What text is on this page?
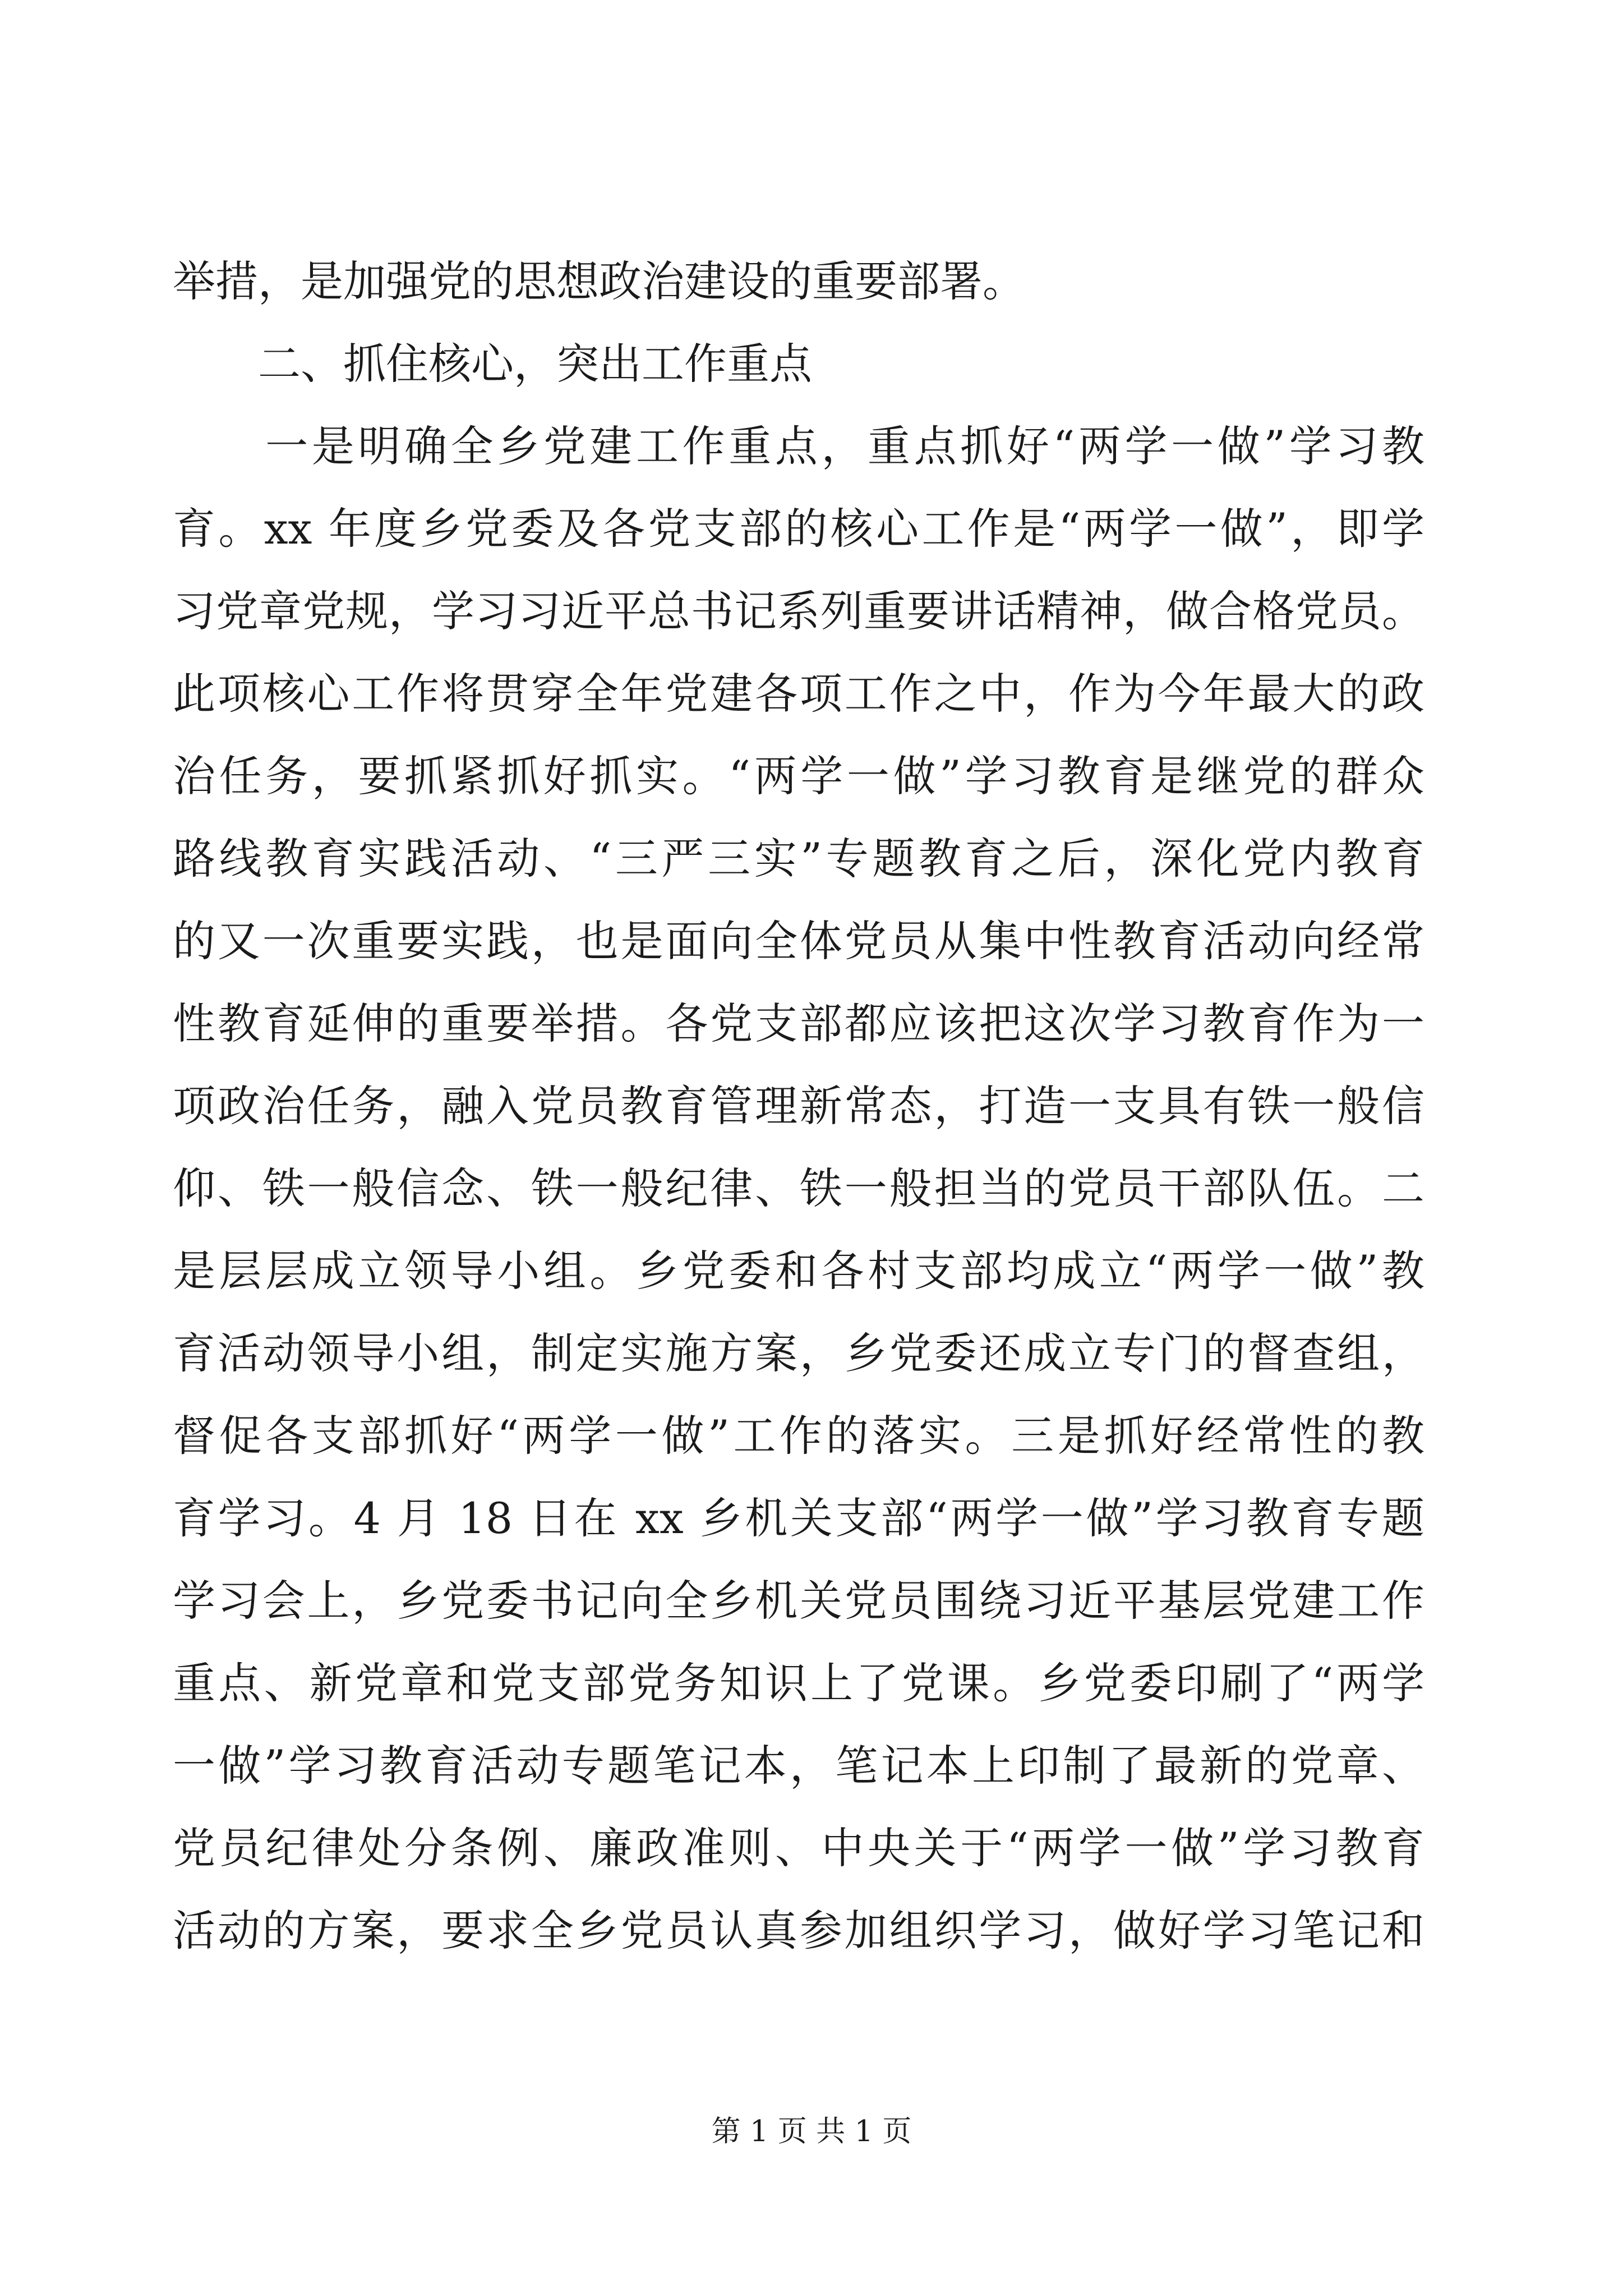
举措，是加强党的思想政治建设的重要部署。
　　二、抓住核心，突出工作重点
　　一是明确全乡党建工作重点，重点抓好“两学一做”学习教
育。xx 年度乡党委及各党支部的核心工作是“两学一做”，即学
习党章党规，学习习近平总书记系列重要讲话精神，做合格党员。
此项核心工作将贯穿全年党建各项工作之中，作为今年最大的政
治任务，要抓紧抓好抓实。“两学一做”学习教育是继党的群众
路线教育实践活动、“三严三实”专题教育之后，深化党内教育
的又一次重要实践，也是面向全体党员从集中性教育活动向经常
性教育延伸的重要举措。各党支部都应该把这次学习教育作为一
项政治任务，融入党员教育管理新常态，打造一支具有铁一般信
仰、铁一般信念、铁一般纪律、铁一般担当的党员干部队伍。二
是层层成立领导小组。乡党委和各村支部均成立“两学一做”教
育活动领导小组，制定实施方案，乡党委还成立专门的督查组，
督促各支部抓好“两学一做”工作的落实。三是抓好经常性的教
育学习。4 月 18 日在 xx 乡机关支部“两学一做”学习教育专题
学习会上，乡党委书记向全乡机关党员围绕习近平基层党建工作
重点、新党章和党支部党务知识上了党课。乡党委印刷了“两学
一做”学习教育活动专题笔记本，笔记本上印制了最新的党章、
党员纪律处分条例、廉政准则、中央关于“两学一做”学习教育
活动的方案，要求全乡党员认真参加组织学习，做好学习笔记和
第 1 页 共 1 页
